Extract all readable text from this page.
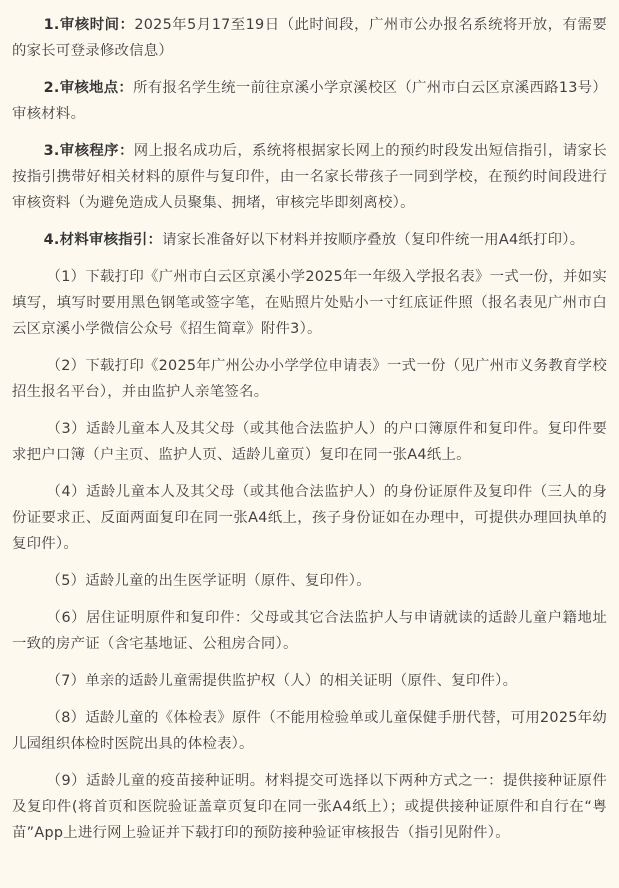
1.审核时间：2025年5月17至19日（此时间段，广州市公办报名系统将开放，有需要的家长可登录修改信息）

2.审核地点：所有报名学生统一前往京溪小学京溪校区（广州市白云区京溪西路13号）审核材料。

3.审核程序：网上报名成功后，系统将根据家长网上的预约时段发出短信指引，请家长按指引携带好相关材料的原件与复印件，由一名家长带孩子一同到学校，在预约时间段进行审核资料（为避免造成人员聚集、拥堵，审核完毕即刻离校）。

4.材料审核指引：请家长准备好以下材料并按顺序叠放（复印件统一用A4纸打印）。

（1）下载打印《广州市白云区京溪小学2025年一年级入学报名表》一式一份，并如实填写，填写时要用黑色钢笔或签字笔，在贴照片处贴小一寸红底证件照（报名表见广州市白云区京溪小学微信公众号《招生简章》附件3）。

（2）下载打印《2025年广州公办小学学位申请表》一式一份（见广州市义务教育学校招生报名平台），并由监护人亲笔签名。

（3）适龄儿童本人及其父母（或其他合法监护人）的户口簿原件和复印件。复印件要求把户口簿（户主页、监护人页、适龄儿童页）复印在同一张A4纸上。

（4）适龄儿童本人及其父母（或其他合法监护人）的身份证原件及复印件（三人的身份证要求正、反面两面复印在同一张A4纸上，孩子身份证如在办理中，可提供办理回执单的复印件）。

（5）适龄儿童的出生医学证明（原件、复印件）。

（6）居住证明原件和复印件：父母或其它合法监护人与申请就读的适龄儿童户籍地址一致的房产证（含宅基地证、公租房合同）。

（7）单亲的适龄儿童需提供监护权（人）的相关证明（原件、复印件）。

（8）适龄儿童的《体检表》原件（不能用检验单或儿童保健手册代替，可用2025年幼儿园组织体检时医院出具的体检表）。

（9）适龄儿童的疫苗接种证明。材料提交可选择以下两种方式之一：提供接种证原件及复印件(将首页和医院验证盖章页复印在同一张A4纸上）；或提供接种证原件和自行在“粤苗”App上进行网上验证并下载打印的预防接种验证审核报告（指引见附件）。
